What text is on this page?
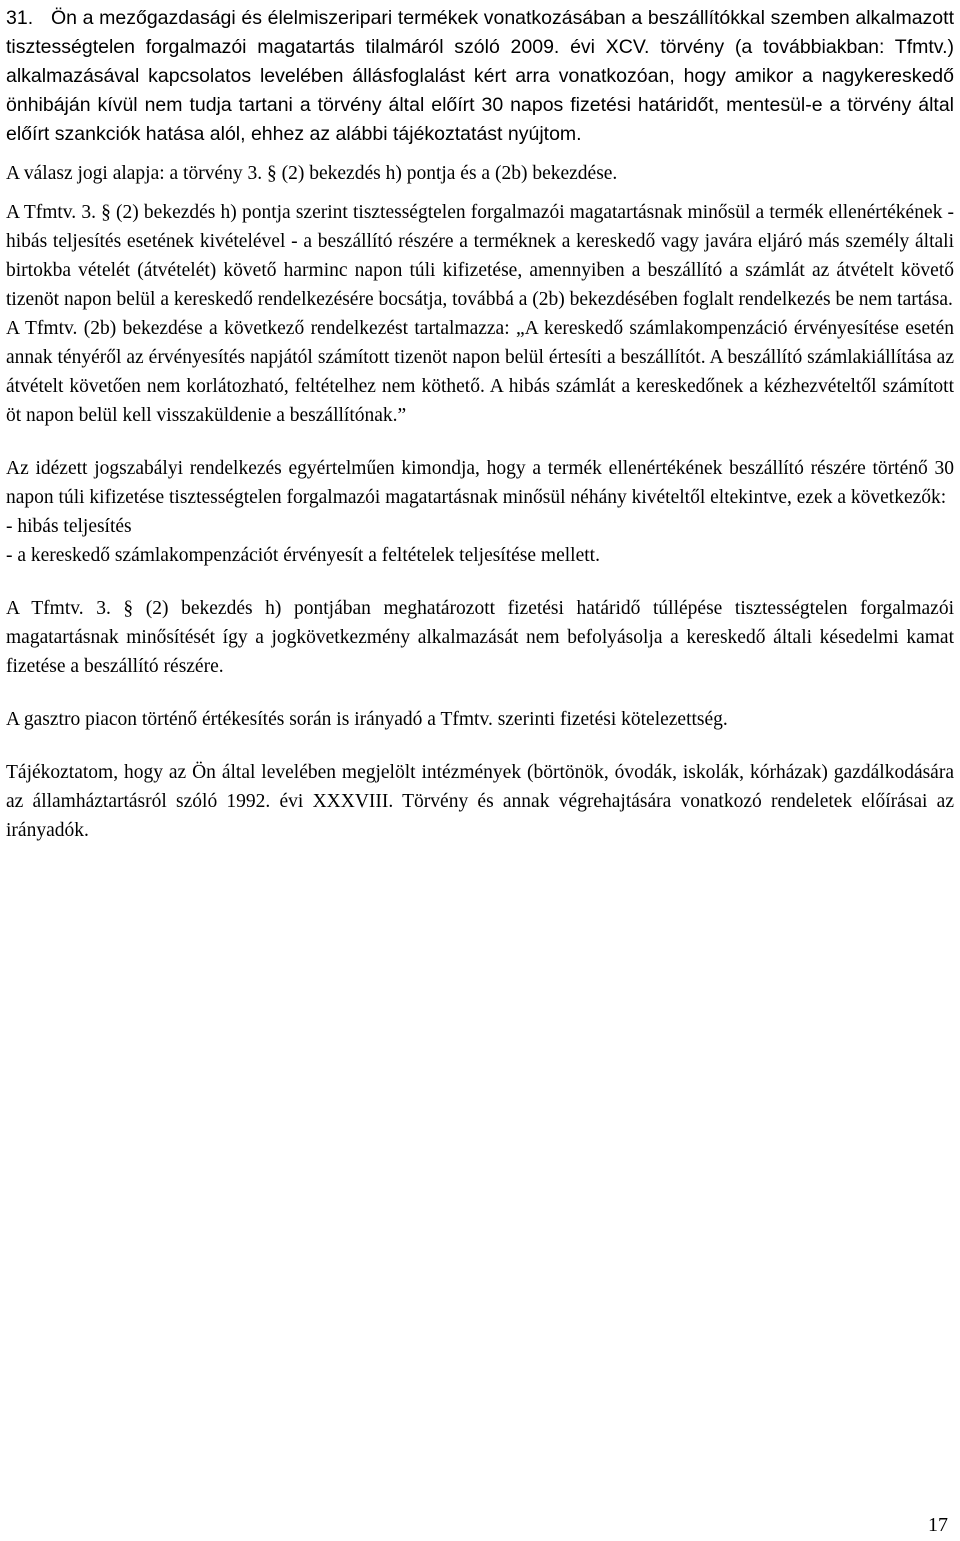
31. Ön a mezőgazdasági és élelmiszeripari termékek vonatkozásában a beszállítókkal szemben alkalmazott tisztességtelen forgalmazói magatartás tilalmáról szóló 2009. évi XCV. törvény (a továbbiakban: Tfmtv.) alkalmazásával kapcsolatos levelében állásfoglalást kért arra vonatkozóan, hogy amikor a nagykereskedő önhibáján kívül nem tudja tartani a törvény által előírt 30 napos fizetési határidőt, mentesül-e a törvény által előírt szankciók hatása alól, ehhez az alábbi tájékoztatást nyújtom.

A válasz jogi alapja: a törvény 3. § (2) bekezdés h) pontja és a (2b) bekezdése.

A Tfmtv. 3. § (2) bekezdés h) pontja szerint tisztességtelen forgalmazói magatartásnak minősül a termék ellenértékének - hibás teljesítés esetének kivételével - a beszállító részére a terméknek a kereskedő vagy javára eljáró más személy általi birtokba vételét (átvételét) követő harminc napon túli kifizetése, amennyiben a beszállító a számlát az átvételt követő tizenöt napon belül a kereskedő rendelkezésére bocsátja, továbbá a (2b) bekezdésében foglalt rendelkezés be nem tartása.

A Tfmtv. (2b) bekezdése a következő rendelkezést tartalmazza: „A kereskedő számlakompenzáció érvényesítése esetén annak tényéről az érvényesítés napjától számított tizenöt napon belül értesíti a beszállítót. A beszállító számlakiállítása az átvételt követően nem korlátozható, feltételhez nem köthető. A hibás számlát a kereskedőnek a kézhezvételtől számított öt napon belül kell visszaküldenie a beszállítónak.”

Az idézett jogszabályi rendelkezés egyértelműen kimondja, hogy a termék ellenértékének beszállító részére történő 30 napon túli kifizetése tisztességtelen forgalmazói magatartásnak minősül néhány kivételtől eltekintve, ezek a következők:

- hibás teljesítés

- a kereskedő számlakompenzációt érvényesít a feltételek teljesítése mellett.

A Tfmtv. 3. § (2) bekezdés h) pontjában meghatározott fizetési határidő túllépése tisztességtelen forgalmazói magatartásnak minősítését így a jogkövetkezmény alkalmazását nem befolyásolja a kereskedő általi késedelmi kamat fizetése a beszállító részére.

A gasztro piacon történő értékesítés során is irányadó a Tfmtv. szerinti fizetési kötelezettség.

Tájékoztatom, hogy az Ön által levelében megjelölt intézmények (börtönök, óvodák, iskolák, kórházak) gazdálkodására az államháztartásról szóló 1992. évi XXXVIII. Törvény és annak végrehajtására vonatkozó rendeletek előírásai az irányadók.

17
